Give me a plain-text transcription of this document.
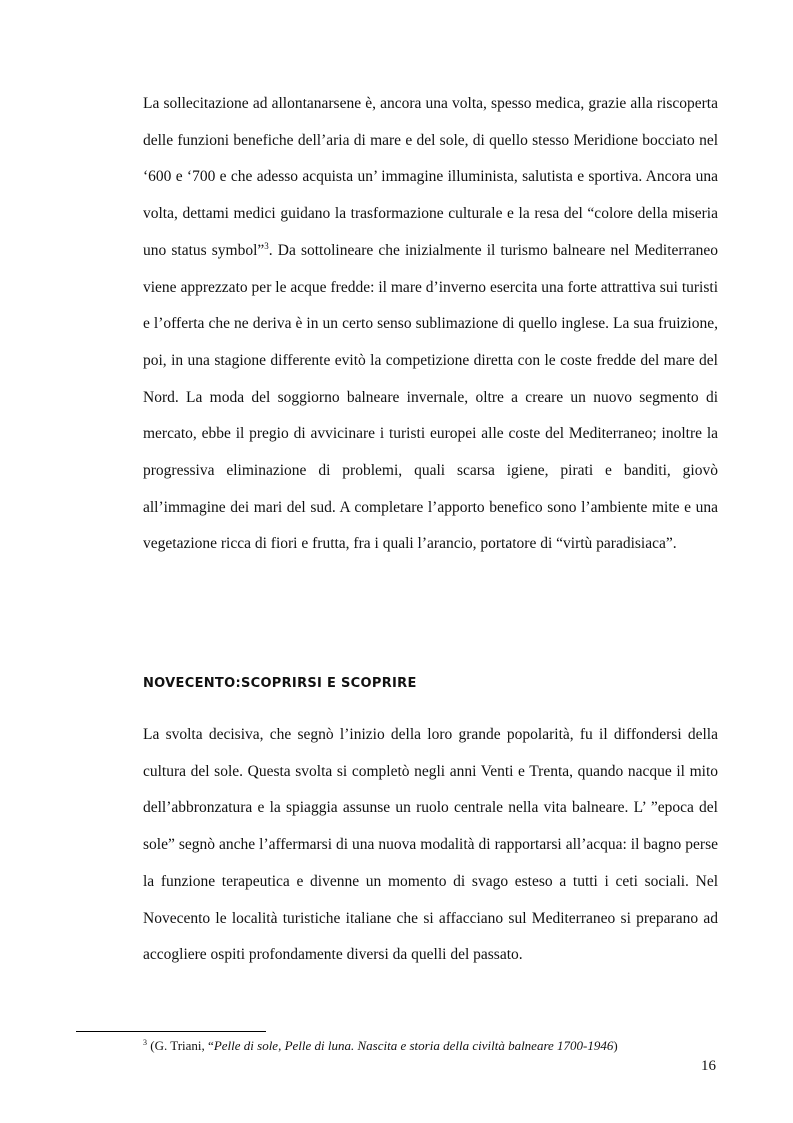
La sollecitazione ad allontanarsene è, ancora una volta, spesso medica, grazie alla riscoperta delle funzioni benefiche dell’aria di mare e del sole, di quello stesso Meridione bocciato nel ‘600 e ‘700 e che adesso acquista un’ immagine illuminista, salutista e sportiva. Ancora una volta, dettami medici guidano la trasformazione culturale e la resa del “colore della miseria uno status symbol”$^3$. Da sottolineare che inizialmente il turismo balneare nel Mediterraneo viene apprezzato per le acque fredde: il mare d’inverno esercita una forte attrattiva sui turisti e l’offerta che ne deriva è in un certo senso sublimazione di quello inglese. La sua fruizione, poi, in una stagione differente evitò la competizione diretta con le coste fredde del mare del Nord. La moda del soggiorno balneare invernale, oltre a creare un nuovo segmento di mercato, ebbe il pregio di avvicinare i turisti europei alle coste del Mediterraneo; inoltre la progressiva eliminazione di problemi, quali scarsa igiene, pirati e banditi, giovò all’immagine dei mari del sud. A completare l’apporto benefico sono l’ambiente mite e una vegetazione ricca di fiori e frutta, fra i quali l’arancio, portatore di “virtù paradisiaca”.

NOVECENTO:SCOPRIRSI E SCOPRIRE

La svolta decisiva, che segnò l’inizio della loro grande popolarità, fu il diffondersi della cultura del sole. Questa svolta si completò negli anni Venti e Trenta, quando nacque il mito dell’abbronzatura e la spiaggia assunse un ruolo centrale nella vita balneare. L’ ”epoca del sole” segnò anche l’affermarsi di una nuova modalità di rapportarsi all’acqua: il bagno perse la funzione terapeutica e divenne un momento di svago esteso a tutti i ceti sociali. Nel Novecento le località turistiche italiane che si affacciano sul Mediterraneo si preparano ad accogliere ospiti profondamente diversi da quelli del passato.

$^3$ (G. Triani, “Pelle di sole, Pelle di luna. Nascita e storia della civiltà balneare 1700-1946)

16
